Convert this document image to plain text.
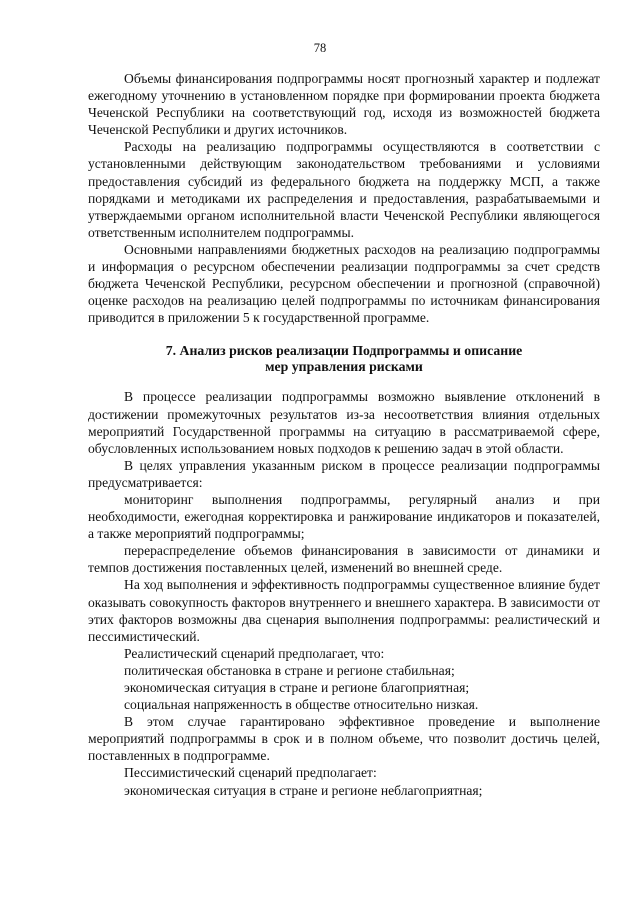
78

Объемы финансирования подпрограммы носят прогнозный характер и подлежат ежегодному уточнению в установленном порядке при формировании проекта бюджета Чеченской Республики на соответствующий год, исходя из возможностей бюджета Чеченской Республики и других источников.

Расходы на реализацию подпрограммы осуществляются в соответствии с установленными действующим законодательством требованиями и условиями предоставления субсидий из федерального бюджета на поддержку МСП, а также порядками и методиками их распределения и предоставления, разрабатываемыми и утверждаемыми органом исполнительной власти Чеченской Республики являющегося ответственным исполнителем подпрограммы.

Основными направлениями бюджетных расходов на реализацию подпрограммы и информация о ресурсном обеспечении реализации подпрограммы за счет средств бюджета Чеченской Республики, ресурсном обеспечении и прогнозной (справочной) оценке расходов на реализацию целей подпрограммы по источникам финансирования приводится в приложении 5 к государственной программе.

7. Анализ рисков реализации Подпрограммы и описание
мер управления рисками

В процессе реализации подпрограммы возможно выявление отклонений в достижении промежуточных результатов из-за несоответствия влияния отдельных мероприятий Государственной программы на ситуацию в рассматриваемой сфере, обусловленных использованием новых подходов к решению задач в этой области.

В целях управления указанным риском в процессе реализации подпрограммы предусматривается:

мониторинг выполнения подпрограммы, регулярный анализ и при необходимости, ежегодная корректировка и ранжирование индикаторов и показателей, а также мероприятий подпрограммы;

перераспределение объемов финансирования в зависимости от динамики и темпов достижения поставленных целей, изменений во внешней среде.

На ход выполнения и эффективность подпрограммы существенное влияние будет оказывать совокупность факторов внутреннего и внешнего характера. В зависимости от этих факторов возможны два сценария выполнения подпрограммы: реалистический и пессимистический.

Реалистический сценарий предполагает, что:

политическая обстановка в стране и регионе стабильная;

экономическая ситуация в стране и регионе благоприятная;

социальная напряженность в обществе относительно низкая.

В этом случае гарантировано эффективное проведение и выполнение мероприятий подпрограммы в срок и в полном объеме, что позволит достичь целей, поставленных в подпрограмме.

Пессимистический сценарий предполагает:

экономическая ситуация в стране и регионе неблагоприятная;
